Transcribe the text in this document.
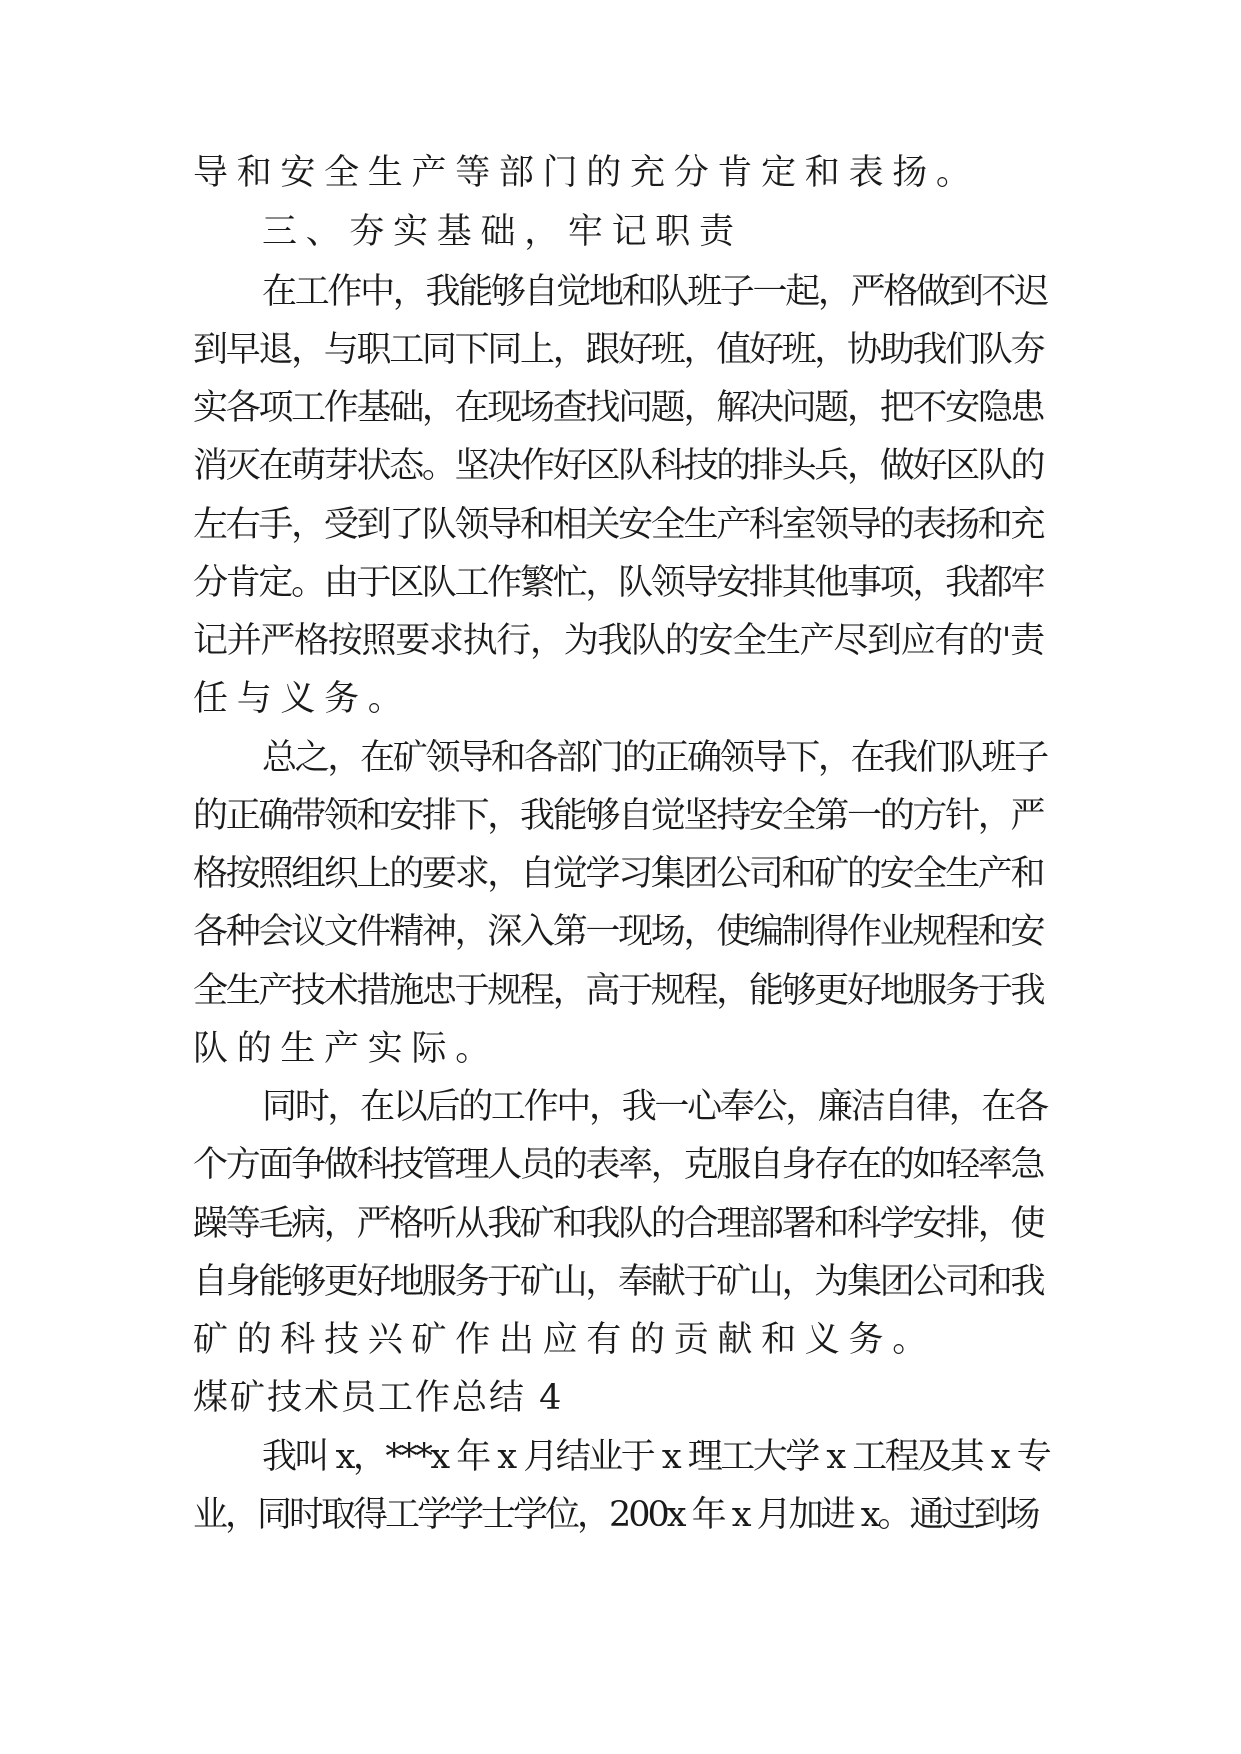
导和安全生产等部门的充分肯定和表扬。
三、夯实基础，牢记职责
在工作中，我能够自觉地和队班子一起，严格做到不迟
到早退，与职工同下同上，跟好班，值好班，协助我们队夯
实各项工作基础，在现场查找问题，解决问题，把不安隐患
消灭在萌芽状态。坚决作好区队科技的排头兵，做好区队的
左右手，受到了队领导和相关安全生产科室领导的表扬和充
分肯定。由于区队工作繁忙，队领导安排其他事项，我都牢
记并严格按照要求执行，为我队的安全生产尽到应有的'责
任与义务。
总之，在矿领导和各部门的正确领导下，在我们队班子
的正确带领和安排下，我能够自觉坚持安全第一的方针，严
格按照组织上的要求，自觉学习集团公司和矿的安全生产和
各种会议文件精神，深入第一现场，使编制得作业规程和安
全生产技术措施忠于规程，高于规程，能够更好地服务于我
队的生产实际。
同时，在以后的工作中，我一心奉公，廉洁自律，在各
个方面争做科技管理人员的表率，克服自身存在的如轻率急
躁等毛病，严格听从我矿和我队的合理部署和科学安排，使
自身能够更好地服务于矿山，奉献于矿山，为集团公司和我
矿的科技兴矿作出应有的贡献和义务。
煤矿技术员工作总结 4
我叫 x，***x 年 x 月结业于 x 理工大学 x 工程及其 x 专
业，同时取得工学学士学位，200x 年 x 月加进 x。通过到场
